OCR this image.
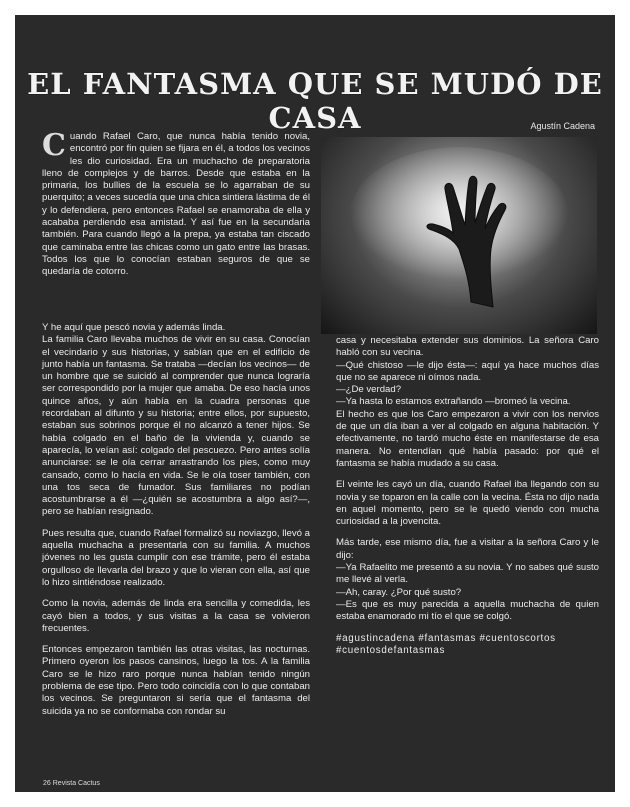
EL FANTASMA QUE SE MUDÓ DE CASA	Agustín Cadena

C uando Rafael Caro, que nunca había tenido novia, encontró por fin quien se fijara en él, a todos los vecinos les dio curiosidad. Era un muchacho de preparatoria lleno de complejos y de barros. Desde que estaba en la primaria, los bullies de la escuela se lo agarraban de su puerquito; a veces sucedía que una chica sintiera lástima de él y lo defendiera, pero entonces Rafael se enamoraba de ella y acababa perdiendo esa amistad. Y así fue en la secundaria también. Para cuando llegó a la prepa, ya estaba tan ciscado que caminaba entre las chicas como un gato entre las brasas. Todos los que lo conocían estaban seguros de que se quedaría de cotorro.

Y he aquí que pescó novia y además linda.

La familia Caro llevaba muchos de vivir en su casa. Conocían el vecindario y sus historias, y sabían que en el edificio de junto había un fantasma. Se trataba —decían los vecinos— de un hombre que se suicidó al comprender que nunca lograría ser correspondido por la mujer que amaba. De eso hacía unos quince años, y aún había en la cuadra personas que recordaban al difunto y su historia; entre ellos, por supuesto, estaban sus sobrinos porque él no alcanzó a tener hijos. Se había colgado en el baño de la vivienda y, cuando se aparecía, lo veían así: colgado del pescuezo. Pero antes solía anunciarse: se le oía cerrar arrastrando los pies, como muy cansado, como lo hacía en vida. Se le oía toser también, con una tos seca de fumador. Sus familiares no podían acostumbrarse a él —¿quién se acostumbra a algo así?—, pero se habían resignado.

Pues resulta que, cuando Rafael formalizó su noviazgo, llevó a aquella muchacha a presentarla con su familia. A muchos jóvenes no les gusta cumplir con ese trámite, pero él estaba orgulloso de llevarla del brazo y que lo vieran con ella, así que lo hizo sintiéndose realizado.

Como la novia, además de linda era sencilla y comedida, les cayó bien a todos, y sus visitas a la casa se volvieron frecuentes.

Entonces empezaron también las otras visitas, las nocturnas. Primero oyeron los pasos cansinos, luego la tos. A la familia Caro se le hizo raro porque nunca habían tenido ningún problema de ese tipo. Pero todo coincidía con lo que contaban los vecinos. Se preguntaron si sería que el fantasma del suicida ya no se conformaba con rondar su

casa y necesitaba extender sus dominios. La señora Caro habló con su vecina.

—Qué chistoso —le dijo ésta—: aquí ya hace muchos días que no se aparece ni oímos nada.

—¿De verdad?

—Ya hasta lo estamos extrañando —bromeó la vecina.

El hecho es que los Caro empezaron a vivir con los nervios de que un día iban a ver al colgado en alguna habitación. Y efectivamente, no tardó mucho éste en manifestarse de esa manera. No entendían qué había pasado: por qué el fantasma se había mudado a su casa.

El veinte les cayó un día, cuando Rafael iba llegando con su novia y se toparon en la calle con la vecina. Ésta no dijo nada en aquel momento, pero se le quedó viendo con mucha curiosidad a la jovencita.

Más tarde, ese mismo día, fue a visitar a la señora Caro y le dijo:

—Ya Rafaelito me presentó a su novia. Y no sabes qué susto me llevé al verla.

—Ah, caray. ¿Por qué susto?

—Es que es muy parecida a aquella muchacha de quien estaba enamorado mi tío el que se colgó.

#agustincadena #fantasmas #cuentoscortos
#cuentosdefantasmas
26 Revista Cactus
